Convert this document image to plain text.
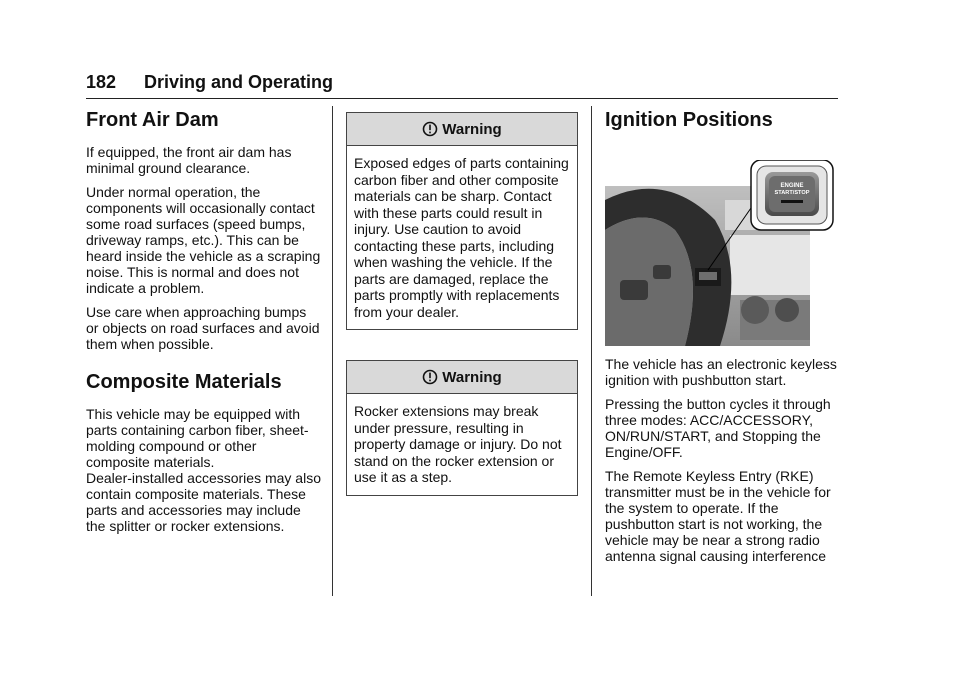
182 Driving and Operating
Front Air Dam

If equipped, the front air dam has minimal ground clearance.

Under normal operation, the components will occasionally contact some road surfaces (speed bumps, driveway ramps, etc.). This can be heard inside the vehicle as a scraping noise. This is normal and does not indicate a problem.

Use care when approaching bumps or objects on road surfaces and avoid them when possible.

Composite Materials
This vehicle may be equipped with parts containing carbon fiber, sheet-molding compound or other composite materials.
Dealer-installed accessories may also contain composite materials. These parts and accessories may include the splitter or rocker extensions.
Warning
Exposed edges of parts containing carbon fiber and other composite materials can be sharp. Contact with these parts could result in injury. Use caution to avoid contacting these parts, including when washing the vehicle. If the parts are damaged, replace the parts promptly with replacements from your dealer.
Warning
Rocker extensions may break under pressure, resulting in property damage or injury. Do not stand on the rocker extension or use it as a step.
Ignition Positions
ENGINE
START/STOP

The vehicle has an electronic keyless ignition with pushbutton start.

Pressing the button cycles it through three modes: ACC/ACCESSORY, ON/RUN/START, and Stopping the Engine/OFF.

The Remote Keyless Entry (RKE) transmitter must be in the vehicle for the system to operate. If the pushbutton start is not working, the vehicle may be near a strong radio antenna signal causing interference
